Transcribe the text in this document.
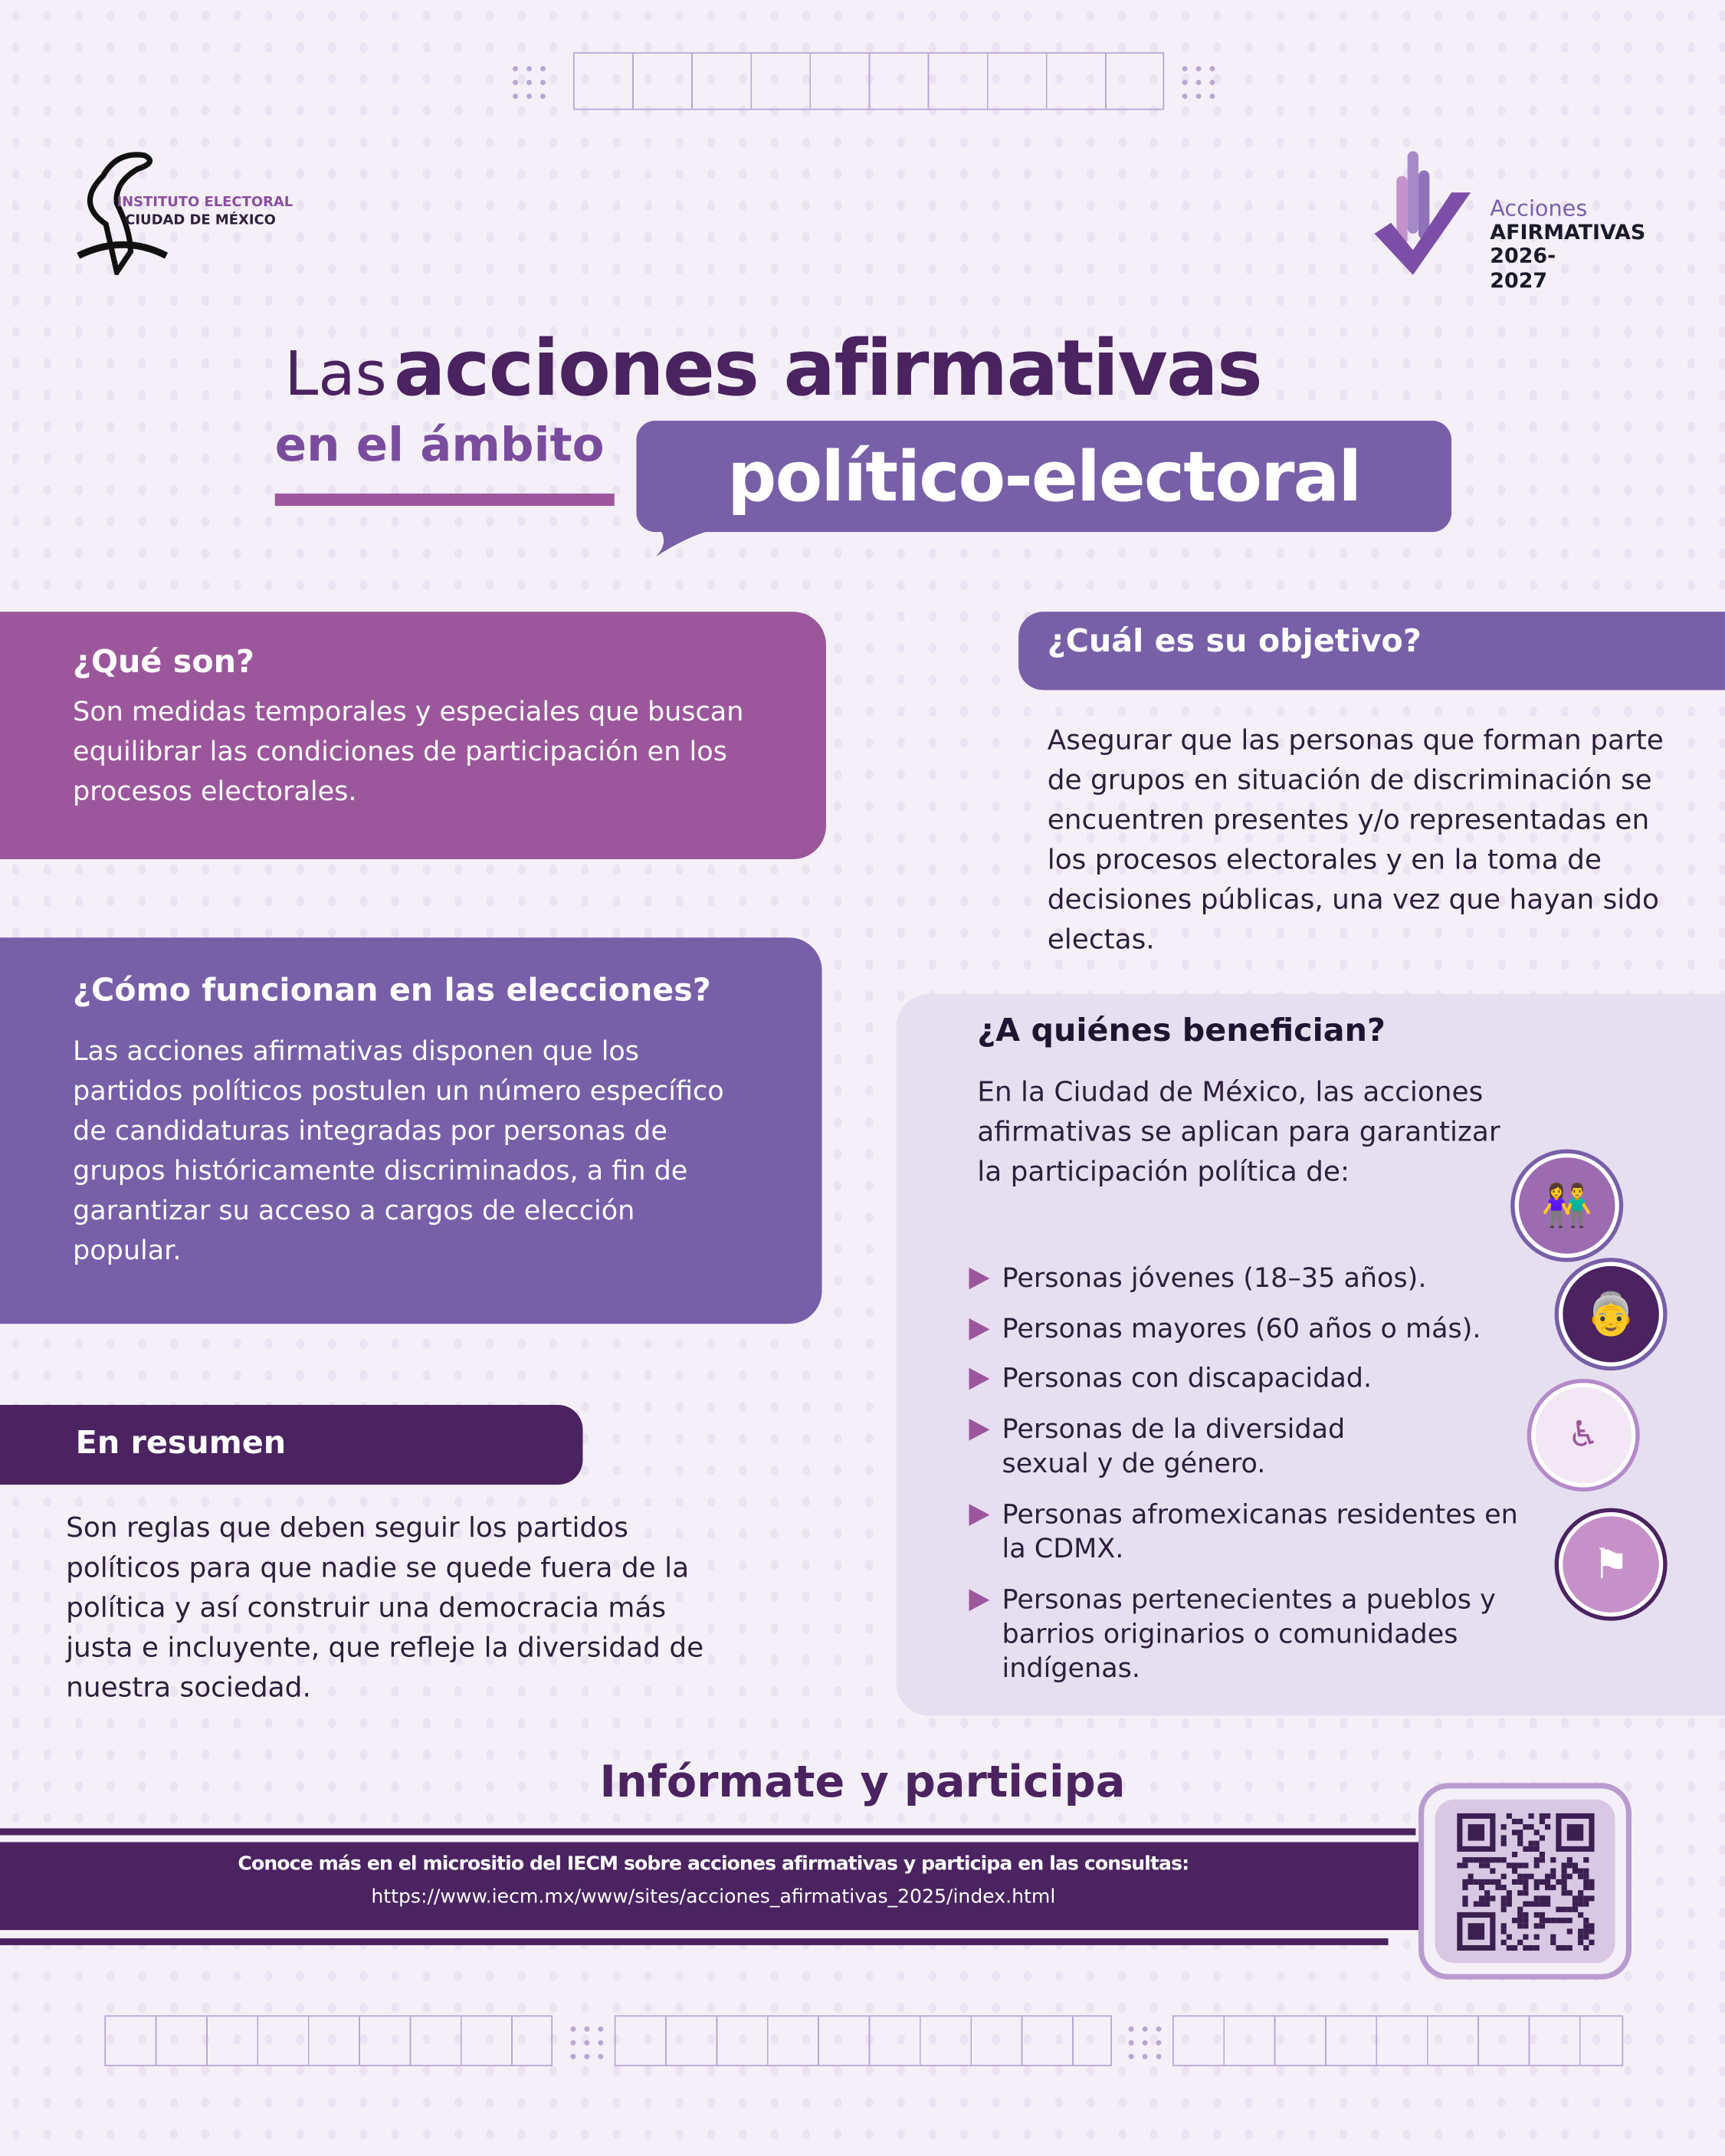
INSTITUTO ELECTORAL
CIUDAD DE MÉXICO	Acciones
AFIRMATIVAS
2026-2027
Las acciones afirmativas
en el ámbito	político-electoral
¿Qué son?
Son medidas temporales y especiales que buscan equilibrar las condiciones de participación en los procesos electorales.
¿Cuál es su objetivo?
Asegurar que las personas que forman parte de grupos en situación de discriminación se encuentren presentes y/o representadas en los procesos electorales y en la toma de decisiones públicas, una vez que hayan sido electas.
¿Cómo funcionan en las elecciones?
Las acciones afirmativas disponen que los partidos políticos postulen un número específico de candidaturas integradas por personas de grupos históricamente discriminados, a fin de garantizar su acceso a cargos de elección popular.
En resumen
Son reglas que deben seguir los partidos políticos para que nadie se quede fuera de la política y así construir una democracia más justa e incluyente, que refleje la diversidad de nuestra sociedad.
¿A quiénes benefician?
En la Ciudad de México, las acciones afirmativas se aplican para garantizar la participación política de:
Personas jóvenes (18–35 años).
Personas mayores (60 años o más).
Personas con discapacidad.
Personas de la diversidad sexual y de género.
Personas afromexicanas residentes en la CDMX.
Personas pertenecientes a pueblos y barrios originarios o comunidades indígenas.
👫
👵
♿
⚑
Infórmate y participa
Conoce más en el micrositio del IECM sobre acciones afirmativas y participa en las consultas:
https://www.iecm.mx/www/sites/acciones_afirmativas_2025/index.html
